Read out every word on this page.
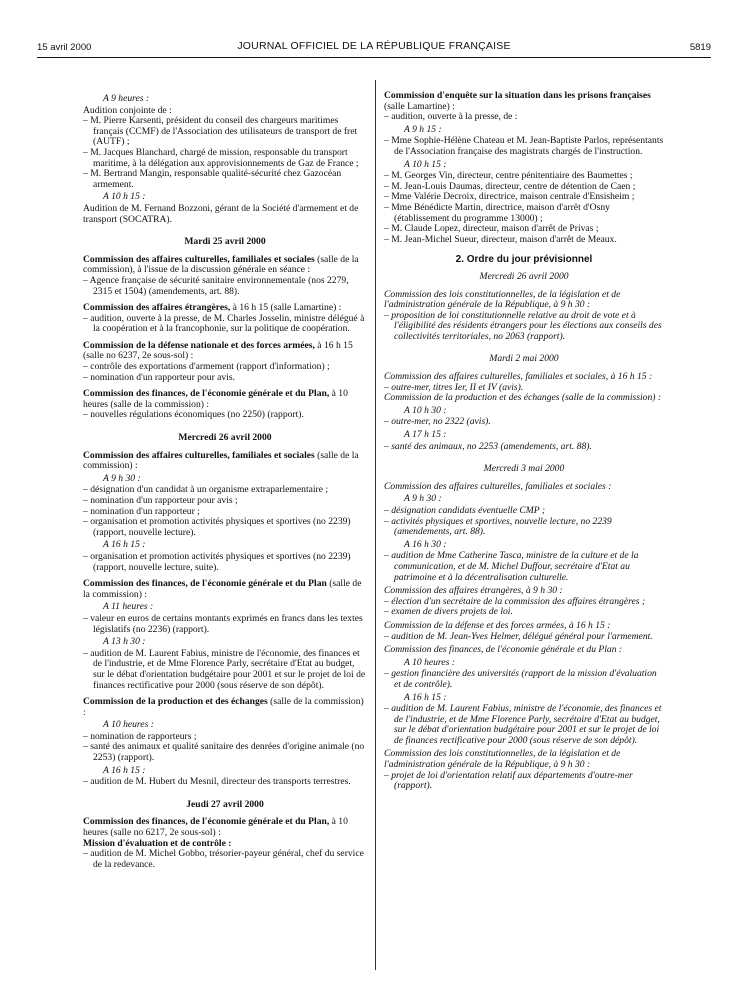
15 avril 2000	JOURNAL OFFICIEL DE LA RÉPUBLIQUE FRANÇAISE	5819

A 9 heures :

Audition conjointe de :

– M. Pierre Karsenti, président du conseil des chargeurs maritimes français (CCMF) de l'Association des utilisateurs de transport de fret (AUTF) ;
– M. Jacques Blanchard, chargé de mission, responsable du transport maritime, à la délégation aux approvisionnements de Gaz de France ;
– M. Bertrand Mangin, responsable qualité-sécurité chez Gazocéan armement.

A 10 h 15 :

Audition de M. Fernand Bozzoni, gérant de la Société d'armement et de transport (SOCATRA).

Mardi 25 avril 2000

Commission des affaires culturelles, familiales et sociales (salle de la commission), à l'issue de la discussion générale en séance :

– Agence française de sécurité sanitaire environnementale (nos 2279, 2315 et 1504) (amendements, art. 88).

Commission des affaires étrangères, à 16 h 15 (salle Lamartine) :

– audition, ouverte à la presse, de M. Charles Josselin, ministre délégué à la coopération et à la francophonie, sur la politique de coopération.

Commission de la défense nationale et des forces armées, à 16 h 15 (salle no 6237, 2e sous-sol) :

– contrôle des exportations d'armement (rapport d'information) ;
– nomination d'un rapporteur pour avis.

Commission des finances, de l'économie générale et du Plan, à 10 heures (salle de la commission) :

– nouvelles régulations économiques (no 2250) (rapport).

Mercredi 26 avril 2000

Commission des affaires culturelles, familiales et sociales (salle de la commission) :

A 9 h 30 :

– désignation d'un candidat à un organisme extraparlementaire ;
– nomination d'un rapporteur pour avis ;
– nomination d'un rapporteur ;
– organisation et promotion activités physiques et sportives (no 2239) (rapport, nouvelle lecture).

A 16 h 15 :

– organisation et promotion activités physiques et sportives (no 2239) (rapport, nouvelle lecture, suite).

Commission des finances, de l'économie générale et du Plan (salle de la commission) :

A 11 heures :

– valeur en euros de certains montants exprimés en francs dans les textes législatifs (no 2236) (rapport).

A 13 h 30 :

– audition de M. Laurent Fabius, ministre de l'économie, des finances et de l'industrie, et de Mme Florence Parly, secrétaire d'Etat au budget, sur le débat d'orientation budgétaire pour 2001 et sur le projet de loi de finances rectificative pour 2000 (sous réserve de son dépôt).

Commission de la production et des échanges (salle de la commission) :

A 10 heures :

– nomination de rapporteurs ;
– santé des animaux et qualité sanitaire des denrées d'origine animale (no 2253) (rapport).

A 16 h 15 :

– audition de M. Hubert du Mesnil, directeur des transports terrestres.

Jeudi 27 avril 2000

Commission des finances, de l'économie générale et du Plan, à 10 heures (salle no 6217, 2e sous-sol) :

Mission d'évaluation et de contrôle :

– audition de M. Michel Gobbo, trésorier-payeur général, chef du service de la redevance.

Commission d'enquête sur la situation dans les prisons françaises (salle Lamartine) :

– audition, ouverte à la presse, de :

A 9 h 15 :

– Mme Sophie-Hélène Chateau et M. Jean-Baptiste Parlos, représentants de l'Association française des magistrats chargés de l'instruction.

A 10 h 15 :

– M. Georges Vin, directeur, centre pénitentiaire des Baumettes ;
– M. Jean-Louis Daumas, directeur, centre de détention de Caen ;
– Mme Valérie Decroix, directrice, maison centrale d'Ensisheim ;
– Mme Bénédicte Martin, directrice, maison d'arrêt d'Osny (établissement du programme 13000) ;
– M. Claude Lopez, directeur, maison d'arrêt de Privas ;
– M. Jean-Michel Sueur, directeur, maison d'arrêt de Meaux.

2. Ordre du jour prévisionnel

Mercredi 26 avril 2000

Commission des lois constitutionnelles, de la législation et de l'administration générale de la République, à 9 h 30 :

– proposition de loi constitutionnelle relative au droit de vote et à l'éligibilité des résidents étrangers pour les élections aux conseils des collectivités territoriales, no 2063 (rapport).

Mardi 2 mai 2000

Commission des affaires culturelles, familiales et sociales, à 16 h 15 :

– outre-mer, titres Ier, II et IV (avis).

Commission de la production et des échanges (salle de la commission) :

A 10 h 30 :

– outre-mer, no 2322 (avis).

A 17 h 15 :

– santé des animaux, no 2253 (amendements, art. 88).

Mercredi 3 mai 2000

Commission des affaires culturelles, familiales et sociales :

A 9 h 30 :

– désignation candidats éventuelle CMP ;
– activités physiques et sportives, nouvelle lecture, no 2239 (amendements, art. 88).

A 16 h 30 :

– audition de Mme Catherine Tasca, ministre de la culture et de la communication, et de M. Michel Duffour, secrétaire d'Etat au patrimoine et à la décentralisation culturelle.

Commission des affaires étrangères, à 9 h 30 :

– élection d'un secrétaire de la commission des affaires étrangères ;
– examen de divers projets de loi.

Commission de la défense et des forces armées, à 16 h 15 :

– audition de M. Jean-Yves Helmer, délégué général pour l'armement.

Commission des finances, de l'économie générale et du Plan :

A 10 heures :

– gestion financière des universités (rapport de la mission d'évaluation et de contrôle).

A 16 h 15 :

– audition de M. Laurent Fabius, ministre de l'économie, des finances et de l'industrie, et de Mme Florence Parly, secrétaire d'Etat au budget, sur le débat d'orientation budgétaire pour 2001 et sur le projet de loi de finances rectificative pour 2000 (sous réserve de son dépôt).

Commission des lois constitutionnelles, de la législation et de l'administration générale de la République, à 9 h 30 :

– projet de loi d'orientation relatif aux départements d'outre-mer (rapport).
